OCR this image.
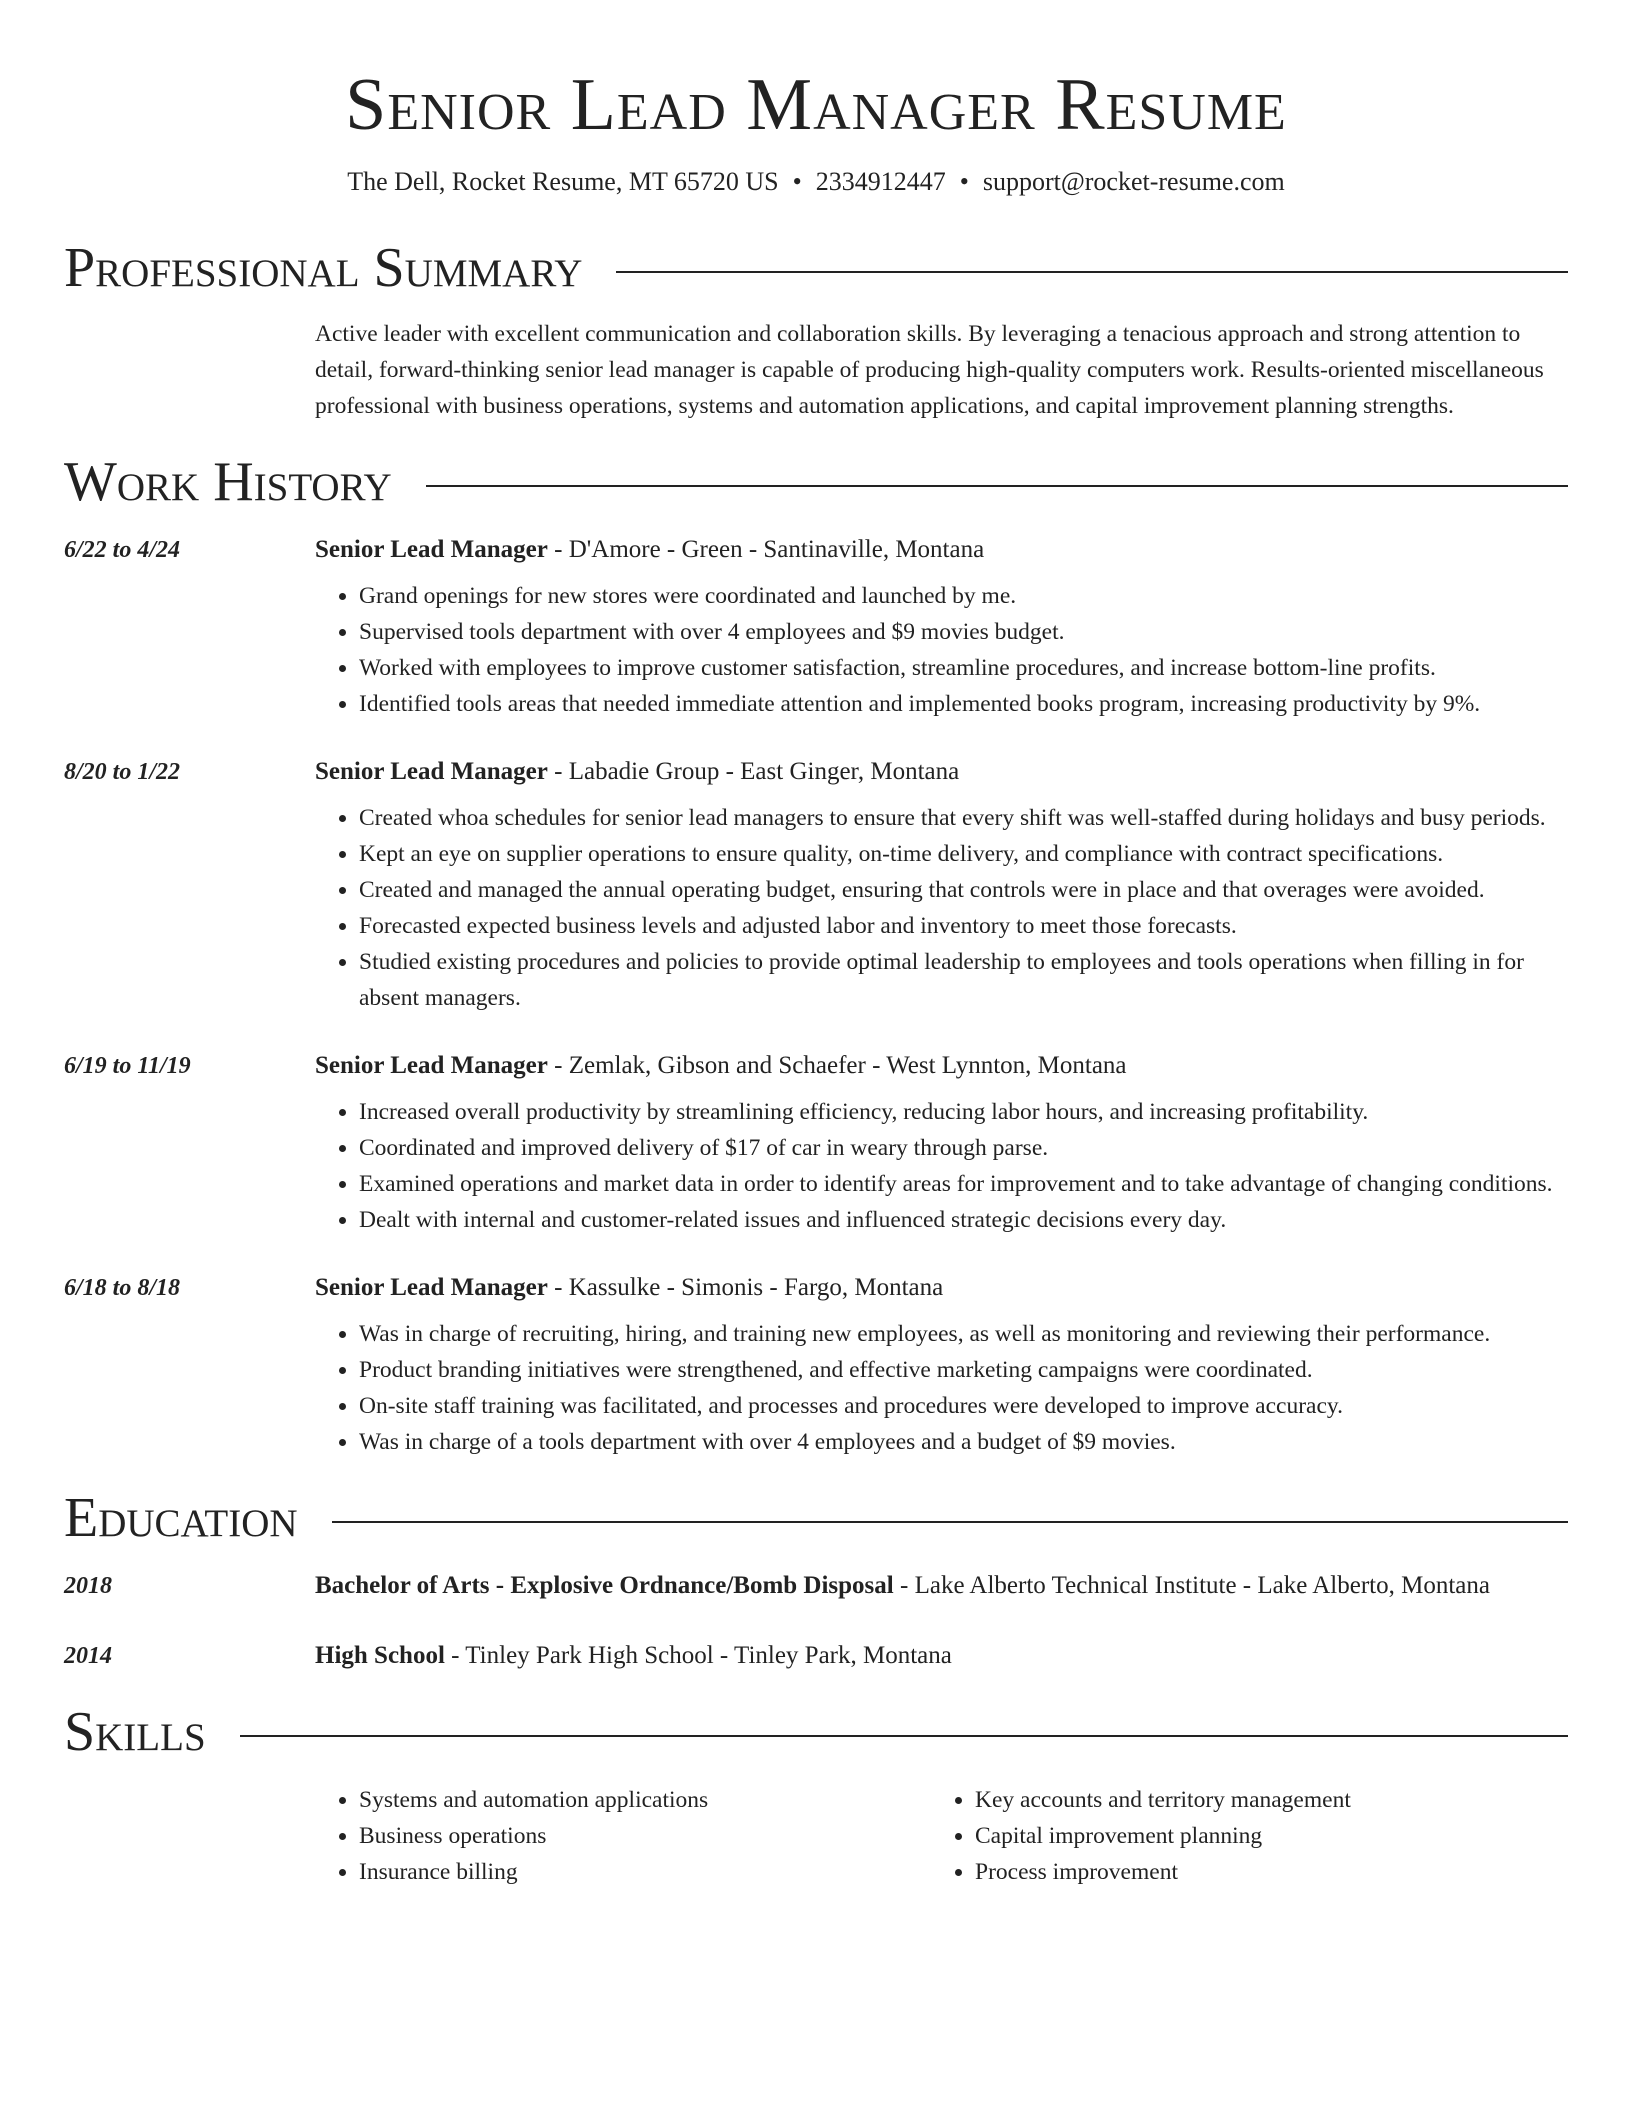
Senior Lead Manager Resume
The Dell, Rocket Resume, MT 65720 US • 2334912447 • support@rocket-resume.com
Professional Summary

Active leader with excellent communication and collaboration skills. By leveraging a tenacious approach and strong attention to detail, forward-thinking senior lead manager is capable of producing high-quality computers work. Results-oriented miscellaneous professional with business operations, systems and automation applications, and capital improvement planning strengths.

Work History
6/22 to 4/24	Senior Lead Manager - D'Amore - Green - Santinaville, Montana
• Grand openings for new stores were coordinated and launched by me.
• Supervised tools department with over 4 employees and $9 movies budget.
• Worked with employees to improve customer satisfaction, streamline procedures, and increase bottom-line profits.
• Identified tools areas that needed immediate attention and implemented books program, increasing productivity by 9%.
8/20 to 1/22	Senior Lead Manager - Labadie Group - East Ginger, Montana
• Created whoa schedules for senior lead managers to ensure that every shift was well-staffed during holidays and busy periods.
• Kept an eye on supplier operations to ensure quality, on-time delivery, and compliance with contract specifications.
• Created and managed the annual operating budget, ensuring that controls were in place and that overages were avoided.
• Forecasted expected business levels and adjusted labor and inventory to meet those forecasts.
• Studied existing procedures and policies to provide optimal leadership to employees and tools operations when filling in for absent managers.
6/19 to 11/19	Senior Lead Manager - Zemlak, Gibson and Schaefer - West Lynnton, Montana
• Increased overall productivity by streamlining efficiency, reducing labor hours, and increasing profitability.
• Coordinated and improved delivery of $17 of car in weary through parse.
• Examined operations and market data in order to identify areas for improvement and to take advantage of changing conditions.
• Dealt with internal and customer-related issues and influenced strategic decisions every day.
6/18 to 8/18	Senior Lead Manager - Kassulke - Simonis - Fargo, Montana
• Was in charge of recruiting, hiring, and training new employees, as well as monitoring and reviewing their performance.
• Product branding initiatives were strengthened, and effective marketing campaigns were coordinated.
• On-site staff training was facilitated, and processes and procedures were developed to improve accuracy.
• Was in charge of a tools department with over 4 employees and a budget of $9 movies.
Education
2018	Bachelor of Arts - Explosive Ordnance/Bomb Disposal - Lake Alberto Technical Institute - Lake Alberto, Montana
2014	High School - Tinley Park High School - Tinley Park, Montana
Skills
• Systems and automation applications
• Business operations
• Insurance billing
• Key accounts and territory management
• Capital improvement planning
• Process improvement
